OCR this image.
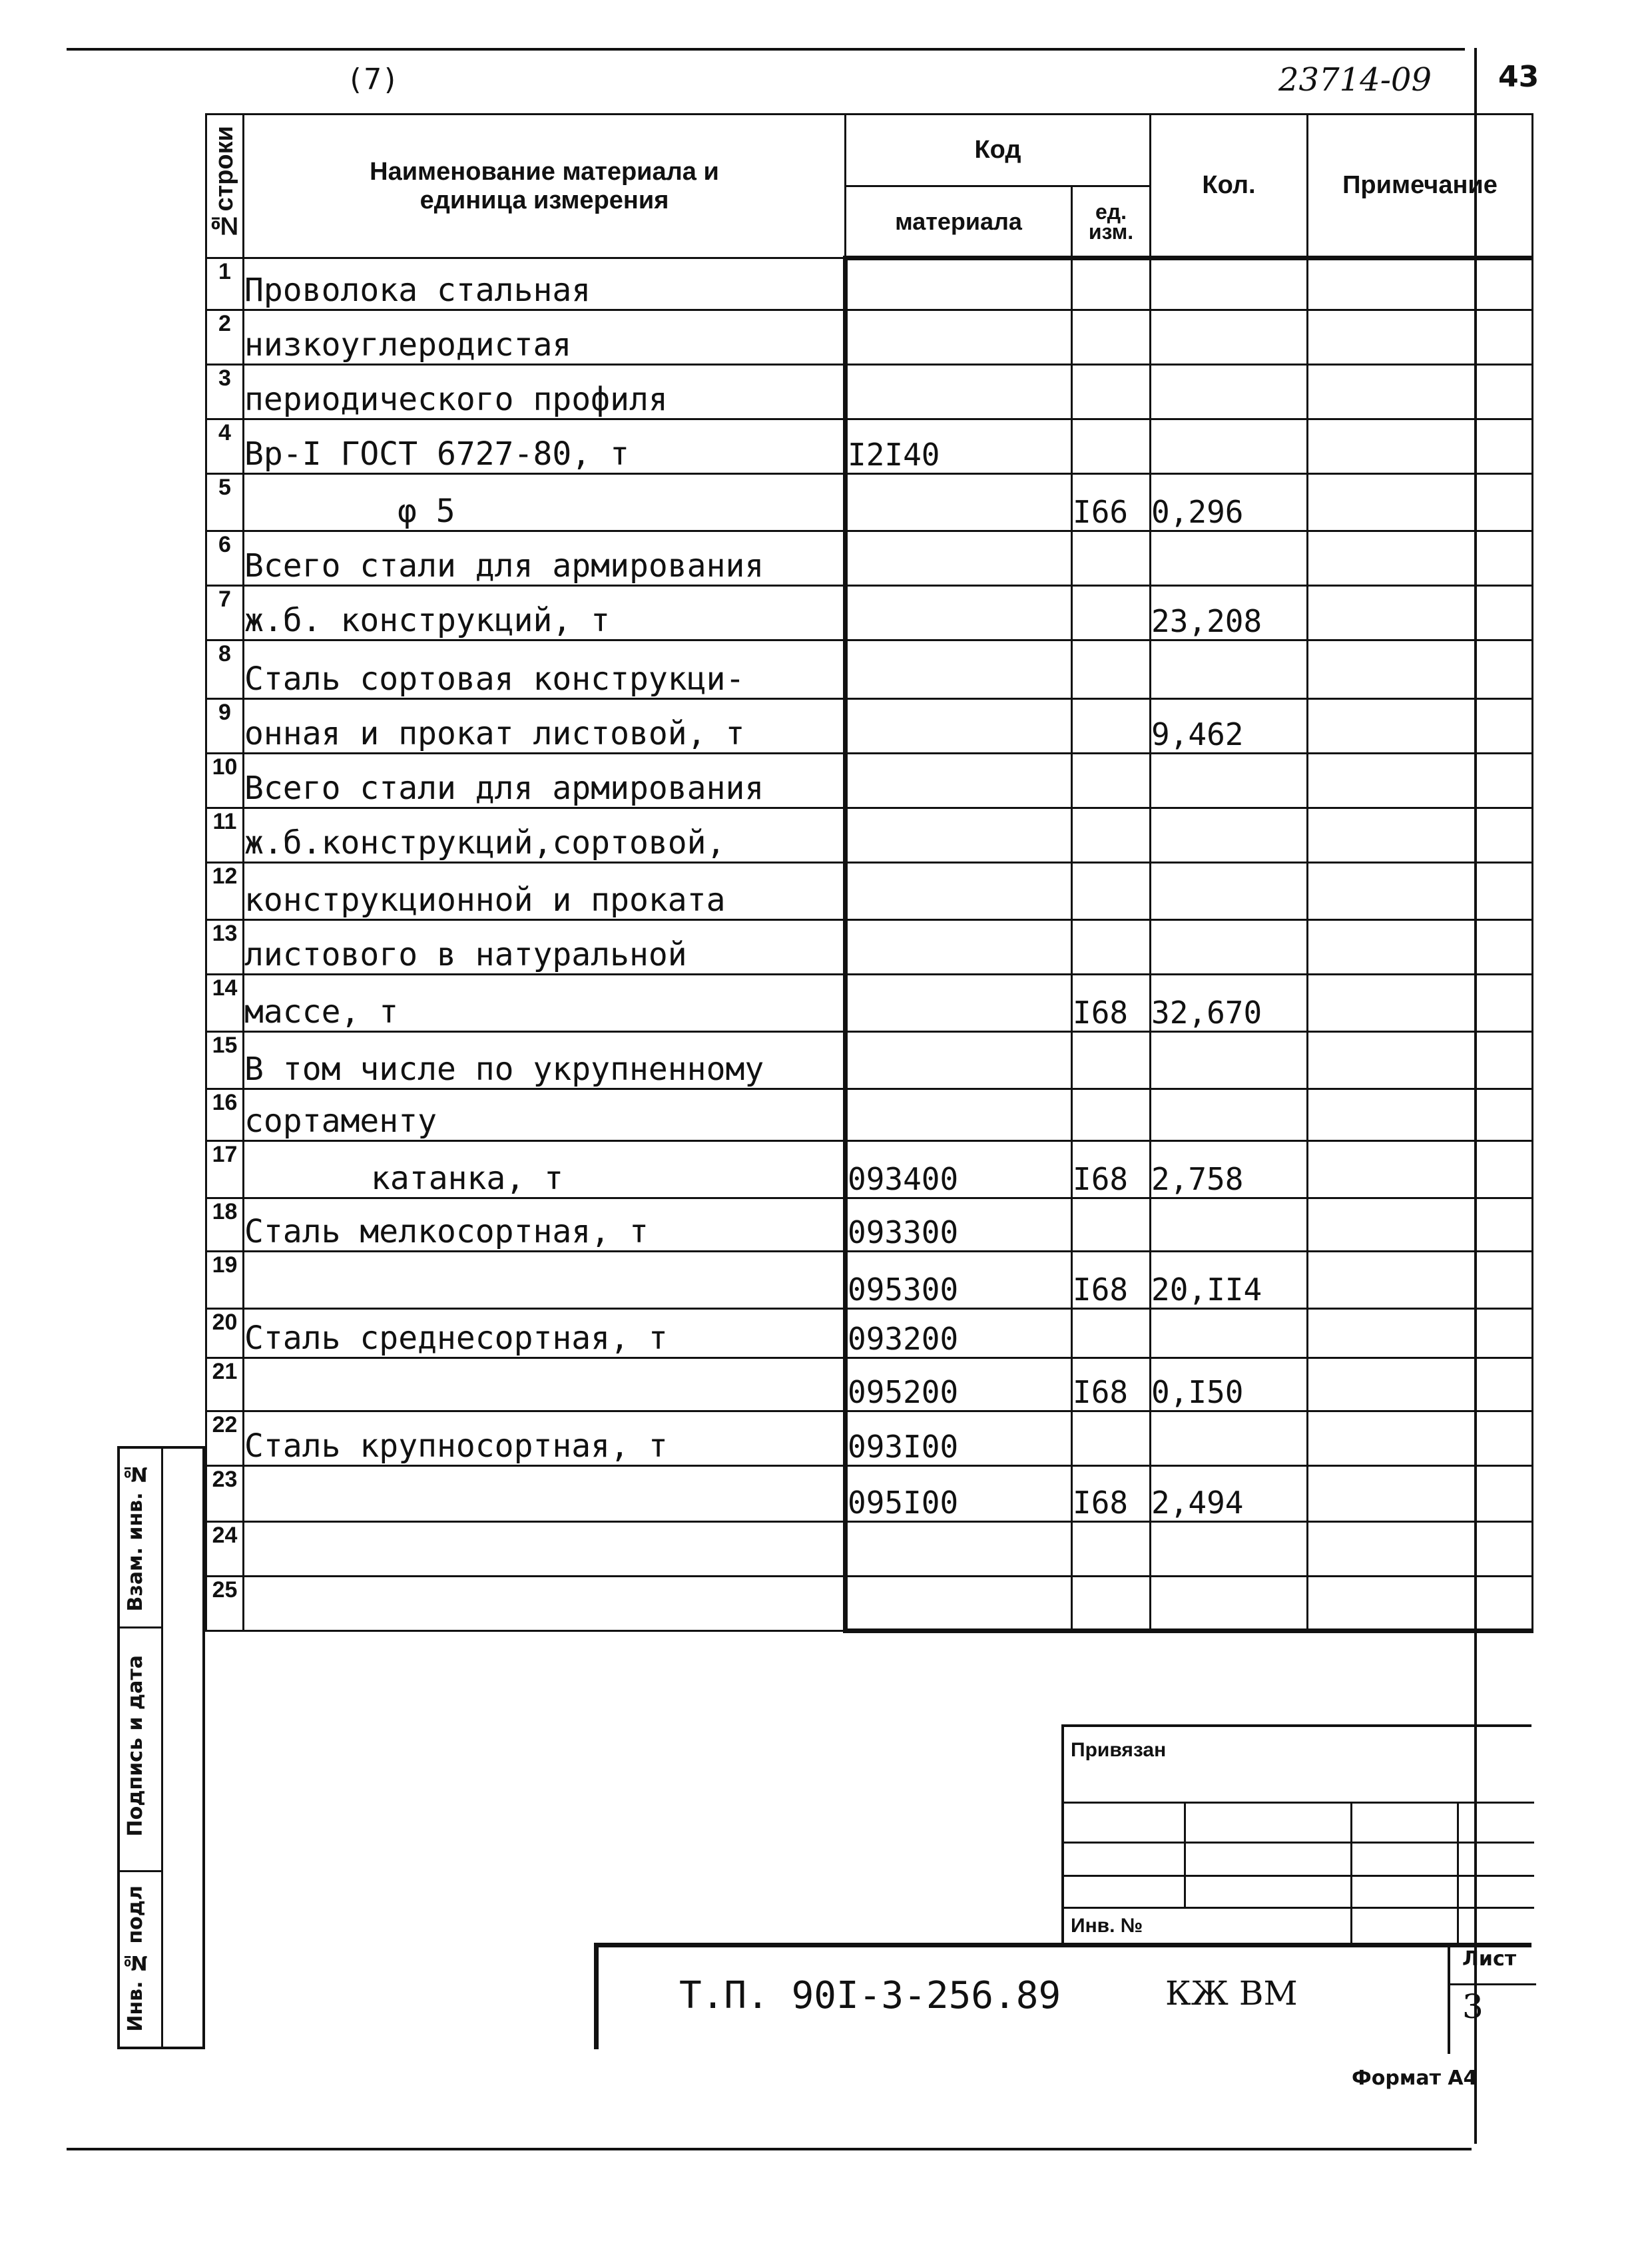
(7)	23714-09 43
№строки	Наименование материала и единица измерения	Код		Кол.	Примечание
		материала	ед. изм.		
1	Проволока стальная				
2	низкоуглеродистая				
3	периодического профиля				
4	Вр-I ГОСТ 6727-80, т	I2I40			
5	φ 5		I66	0,296	
6	Всего стали для армирования				
7	ж.б. конструкций, т			23,208	
8	Сталь сортовая конструкци-				
9	онная и прокат листовой, т			9,462	
10	Всего стали для армирования				
11	ж.б.конструкций,сортовой,				
12	конструкционной и проката				
13	листового в натуральной				
14	массе, т		I68	32,670	
15	В том числе по укрупненному				
16	сортаменту				
17	катанка, т	093400	I68	2,758	
18	Сталь мелкосортная, т	093300			
19		095300	I68	20,II4	
20	Сталь среднесортная, т	093200			
21		095200	I68	0,I50	
22	Сталь крупносортная, т	093I00			
23		095I00	I68	2,494	
24					
25					
Взам. инв. №
Подпись и дата
Инв. № подл
Привязан
Инв. №
Т.П. 90I-3-256.89	КЖ ВМ
Лист
3
Формат А4
